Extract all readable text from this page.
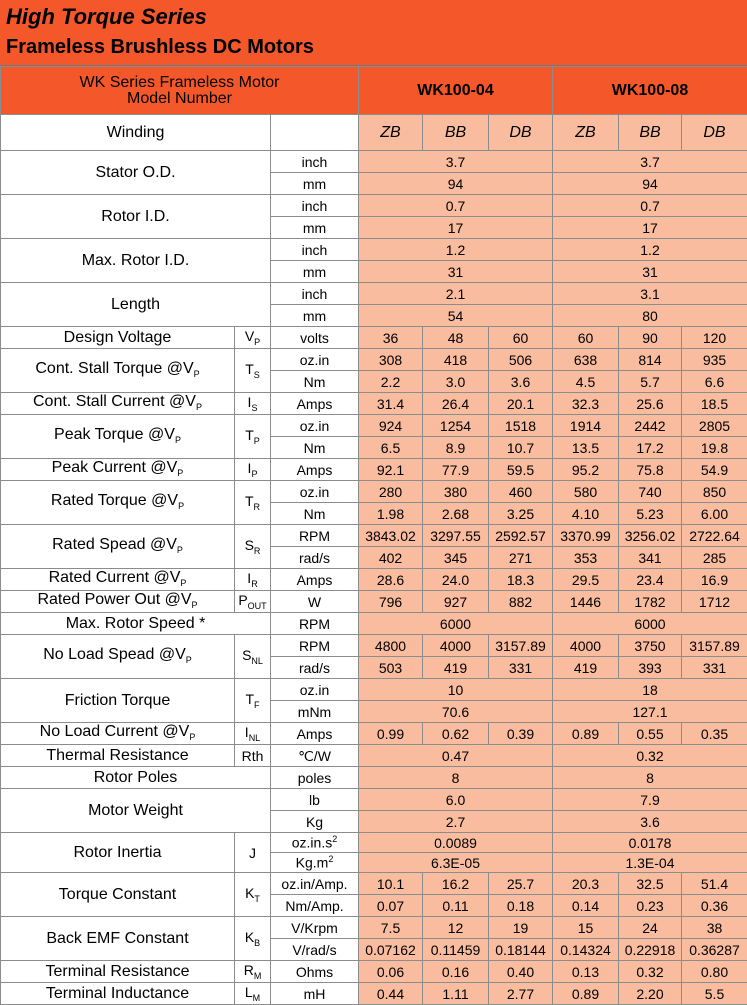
High Torque Series
Frameless Brushless DC Motors
WK Series Frameless Motor
Model Number			WK100-04			WK100-08		
Winding			ZB	BB	DB	ZB	BB	DB
Stator O.D.		inch	3.7			3.7		
		mm	94			94		
Rotor I.D.		inch	0.7			0.7		
		mm	17			17		
Max. Rotor I.D.		inch	1.2			1.2		
		mm	31			31		
Length		inch	2.1			3.1		
		mm	54			80		
Design Voltage	$V_P$	volts	36	48	60	60	90	120
Cont. Stall Torque $@V_P$	$T_S$	oz.in	308	418	506	638	814	935
		Nm	2.2	3.0	3.6	4.5	5.7	6.6
Cont. Stall Current $@V_P$	$I_S$	Amps	31.4	26.4	20.1	32.3	25.6	18.5
Peak Torque $@V_P$	$T_P$	oz.in	924	1254	1518	1914	2442	2805
		Nm	6.5	8.9	10.7	13.5	17.2	19.8
Peak Current $@V_P$	$I_P$	Amps	92.1	77.9	59.5	95.2	75.8	54.9
Rated Torque $@V_P$	$T_R$	oz.in	280	380	460	580	740	850
		Nm	1.98	2.68	3.25	4.10	5.23	6.00
Rated Spead $@V_P$	$S_R$	RPM	3843.02	3297.55	2592.57	3370.99	3256.02	2722.64
		rad/s	402	345	271	353	341	285
Rated Current $@V_P$	$I_R$	Amps	28.6	24.0	18.3	29.5	23.4	16.9
Rated Power Out $@V_P$	$P_{OUT}$	W	796	927	882	1446	1782	1712
Max. Rotor Speed *		RPM	6000			6000		
No Load Spead $@V_P$	$S_{NL}$	RPM	4800	4000	3157.89	4000	3750	3157.89
		rad/s	503	419	331	419	393	331
Friction Torque	$T_F$	oz.in	10			18		
		mNm	70.6			127.1		
No Load Current $@V_P$	$I_{NL}$	Amps	0.99	0.62	0.39	0.89	0.55	0.35
Thermal Resistance	Rth	℃/W	0.47			0.32		
Rotor Poles		poles	8			8		
Motor Weight		lb	6.0			7.9		
		Kg	2.7			3.6		
Rotor Inertia	J	$oz.in.s^2$	0.0089			0.0178		
		$Kg.m^2$	6.3E-05			1.3E-04		
Torque Constant	$K_T$	oz.in/Amp.	10.1	16.2	25.7	20.3	32.5	51.4
		Nm/Amp.	0.07	0.11	0.18	0.14	0.23	0.36
Back EMF Constant	$K_B$	V/Krpm	7.5	12	19	15	24	38
		V/rad/s	0.07162	0.11459	0.18144	0.14324	0.22918	0.36287
Terminal Resistance	$R_M$	Ohms	0.06	0.16	0.40	0.13	0.32	0.80
Terminal Inductance	$L_M$	mH	0.44	1.11	2.77	0.89	2.20	5.5
